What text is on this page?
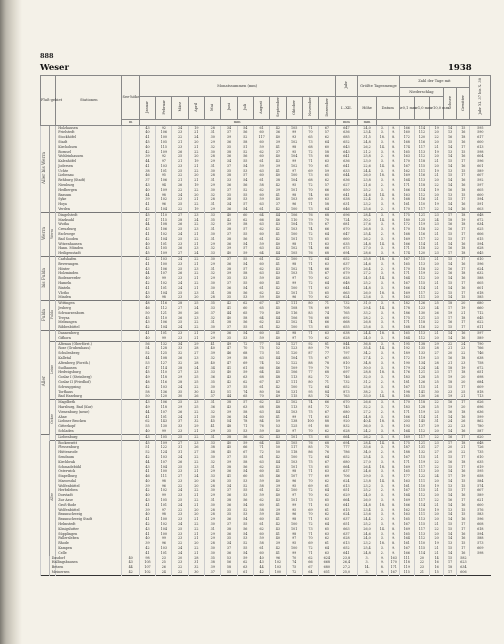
888
Weser	1938
Fluß-gebiet		Stationen	See-höhe	Monatssummen (mm)												Jahr	Größte Tagesmenge			Zahl der Tage mit					Jahr XI. 37 bis X. 38
																				Niederschlag			Schnee	Gewitter	
				Januar	Februar	März	April	Mai	Juni	Juli	August	September	Oktober	November	Dezember		Höhe	Datum		≥0,1 mm	≥1,0 mm	≥10,0 mm			
																I.–XII.									
			m	mm												mm	mm								
Aller bis Werra		Holzhausen		43	92	24	19	28	34	54	61	42	105	71	67	647	24,0	3.	9.	166	114	19	14	15	595
		Frielstedt		40	106	23	21	31	37	56	60	36	99	70	57	636	23,4	3.	9.	160	112	20	13	16	590
		Stockhöfel		41	100	22	24	30	39	52	117	40	93	65	62	685	31,5	18.	8.	172	120	22	16	18	617
		Stadt		45	105	21	20	29	36	58	60	39	102	73	64	652	24,8	3.	9.	168	116	20	15	16	600
		Kirchohsen		40	115	23	21	32	35	51	59	41	98	68	60	643	26,2	14.	8.	174	117	21	14	17	613
		Bornsel		42	109	26	22	30	38	52	62	37	95	72	58	643	21,2	3.	9.	165	113	19	13	15	598
		Wohlrinhausen		39	92	25	20	28	36	56	60	40	104	75	66	641	25,8	2.	9.	163	112	20	14	16	604
		Kalenhöfel		44	97	21	19	29	34	55	61	43	99	71	63	636	23,0	3.	9.	170	118	21	15	17	596
		Jodersen		41	103	23	21	31	37	54	59	39	102	70	61	641	22,6	14.	8.	167	115	20	14	16	601
		Uchte		38	101	25	22	30	35	53	63	41	97	69	59	633	24,4	3.	9.	162	111	19	13	15	589
		Liebenau		46	95	22	20	28	38	57	60	40	100	73	65	644	26,0	18.	8.	169	116	21	15	17	607
		Rehburg (Stadt)		37	106	21	21	31	33	54	61	38	104	68	62	636	23,8	3.	9.	164	113	20	14	16	592
		Nienburg		43	94	26	19	29	36	56	58	42	95	72	57	627	21,6	2.	9.	171	118	22	14	16	597
		Hedbergen		40	109	22	22	30	37	52	62	39	101	70	66	650	25,2	3.	9.	166	114	19	16	18	605
		Bassum		44	98	24	20	32	35	55	60	41	98	74	60	641	24,6	14.	8.	163	112	20	13	15	600
		Syke		39	102	23	21	28	38	53	59	40	103	69	63	638	22,4	3.	9.	168	116	21	15	17	594
		Hoya		41	96	25	22	31	34	57	63	37	96	71	58	631	23,2	3.	9.	161	110	19	14	16	591
		Verden		42	104	22	19	29	36	54	61	42	100	73	64	646	25,6	2.	9.	170	117	22	14	16	603
Werra	Werra	Dingelstedt		45	110	27	23	33	40	60	64	44	106	76	68	696	28,4	3.	9.	175	121	23	17	18	648
		Marksuhl		47	115	28	24	35	42	62	66	46	110	79	70	724	30,2	14.	8.	180	125	24	18	19	672
		Wutha		44	108	26	22	32	39	58	63	43	104	75	67	681	27,6	3.	9.	172	119	23	16	18	634
		Creuzburg		43	106	25	23	31	38	57	62	42	103	74	66	670	26,8	3.	9.	170	118	22	16	17	625
		Eschwege		41	102	24	21	30	37	55	60	41	100	72	64	647	25,4	2.	9.	168	116	21	15	17	606
		Bad Sooden		42	104	25	22	31	38	56	61	42	101	73	65	660	26,2	3.	9.	169	117	22	15	17	615
		Witzenhausen		40	101	23	21	29	36	54	59	40	98	71	63	635	24,8	14.	8.	166	114	21	14	16	594
		Hann. Münden		43	105	26	23	32	39	57	63	43	102	74	66	673	27,0	3.	9.	171	118	22	16	18	628
		Heiligenstadt		45	109	27	24	33	40	59	64	44	105	76	68	694	28,6	3.	9.	174	120	23	17	18	645
bis Fulda		Carlshafen		42	103	24	22	30	37	55	61	42	100	72	64	652	25,8	18.	8.	167	115	21	15	17	610
		Beverungen		41	100	23	21	29	36	54	60	41	98	71	63	637	24,6	3.	9.	165	113	20	14	16	596
		Höxter		43	106	25	23	31	38	57	62	43	102	74	66	670	26,4	2.	9.	170	118	22	16	17	624
		Holzminden		44	107	26	22	32	39	58	63	43	103	75	67	679	27,2	3.	9.	171	119	22	16	18	632
		Bodenwerder		40	99	23	21	29	35	53	59	40	97	70	62	628	24,0	14.	8.	164	112	20	14	16	588
		Hameln		42	102	24	22	30	37	55	60	41	99	72	64	648	25,2	3.	9.	167	115	21	15	17	605
		Rinteln		41	101	24	21	30	36	54	61	42	100	71	63	644	24,8	3.	9.	166	114	21	14	16	601
		Vlotho		43	104	25	23	31	38	56	62	42	101	73	65	663	26,0	18.	8.	169	117	22	15	17	618
		Minden		40	98	23	20	28	35	53	59	40	96	70	62	624	23,6	3.	9.	163	111	20	14	15	585
Fulda	Fulda	Wittingen		48	116	28	25	35	42	62	67	47	111	80	71	732	31,0	3.	9.	182	126	25	18	20	680
		Jesberg		46	112	27	24	33	41	60	65	45	108	78	69	708	29,4	14.	8.	178	123	24	17	19	660
		Schwarzenborn		50	121	30	26	37	44	65	70	49	116	83	74	765	33,2	3.	9.	186	130	26	19	21	712
		Treysa		45	110	26	23	32	40	58	64	44	106	76	68	692	28,2	2.	9.	175	121	23	17	18	645
		Melsungen		43	106	25	22	31	38	56	62	43	102	74	66	668	26,8	3.	9.	171	118	22	16	17	622
		Ribbesbüttel		42	104	24	22	30	37	55	61	42	100	73	65	655	25,6	3.	9.	168	116	22	15	17	611
Aller		Dannenberg		41	101	23	21	29	36	54	60	41	98	71	63	638	24,4	18.	8.	165	113	21	14	16	597
		Gifhorn		40	99	23	21	29	35	53	59	40	97	70	62	628	24,0	3.	9.	164	112	20	14	16	589
	Leine	Altenau (Oberförst.)		56	132	34	29	41	49	72	77	54	127	92	81	844	36,8	3.	9.	195	138	29	22	24	790
		Rose (Grubenhaus)		54	128	33	28	40	47	70	75	52	123	89	79	818	35,4	14.	8.	192	135	28	21	23	766
		Schulenberg		52	125	32	27	39	46	68	73	51	120	87	77	797	34,2	3.	9.	189	133	27	20	22	746
		Kalletal		44	108	26	23	32	39	58	63	44	104	75	67	683	27,4	2.	9.	172	119	23	16	18	638
		Altenberg (Forsth.)		53	127	32	28	40	47	69	74	52	122	88	78	810	34,8	3.	9.	190	134	28	21	23	758
		Sudhausen		47	114	28	24	34	41	61	66	46	109	79	70	719	30,0	3.	9.	179	124	24	18	19	672
		Hedwigsburg		45	110	27	23	33	40	59	64	45	106	77	68	697	28,8	18.	8.	176	121	23	17	18	651
		Goslar I (Steinberg)		49	118	29	25	36	43	63	68	48	113	82	72	746	32,0	3.	9.	183	128	25	19	20	698
		Goslar II (Friedhof)		48	116	28	25	35	42	62	67	47	111	80	71	732	31,2	2.	9.	181	126	25	18	20	684
		Schwuppsing		42	103	24	22	30	37	55	61	42	100	72	64	652	25,6	3.	9.	167	115	21	15	17	609
		Torfhaus		58	136	35	30	43	51	74	80	56	131	95	84	873	38,2	3.	9.	198	141	30	23	25	818
		Bad Harzburg		50	120	30	26	37	44	65	70	49	115	83	74	763	33,0	14.	8.	185	130	26	19	21	713
	Ocker	Magdbeth		43	106	25	23	31	38	57	62	43	102	74	66	670	26,6	3.	9.	170	118	22	16	17	626
		Harzburg, Bad (Kur)		49	118	29	25	36	43	63	68	48	113	81	72	745	32,2	3.	9.	183	128	25	19	20	696
		Vienenburg (neue)		44	107	26	22	32	39	58	63	44	103	75	67	680	27,2	2.	9.	171	119	23	16	18	636
		Ahne		41	101	24	21	30	36	54	60	41	99	71	63	641	24,8	3.	9.	166	114	21	14	16	599
		Liebner Brocken		62	143	37	32	45	54	78	84	59	138	100	88	920	40,4	18.	8.	203	145	31	24	26	862
		Gitterkopf		55	130	33	29	41	48	71	76	53	125	91	80	832	36,0	3.	9.	193	137	29	22	23	780
		Schladen		40	99	23	21	29	35	53	59	40	97	70	62	628	24,2	3.	9.	164	112	20	14	16	587
		Liebenburg		43	105	25	22	31	38	56	62	43	101	73	65	664	26,2	3.	9.	169	117	22	16	17	620
	Aller	Bockenwitt		45	109	27	23	33	40	59	64	45	105	76	68	694	28,4	14.	8.	175	121	23	17	18	648
		Plessenburg		51	122	31	26	38	45	66	71	50	117	85	75	777	33,6	3.	9.	187	131	27	20	21	726
		Hüttenrode		52	124	31	27	38	45	67	72	50	118	86	76	786	34,0	2.	9.	188	132	27	20	22	735
		Sendnum		42	103	24	22	30	37	55	61	42	100	72	64	652	25,4	3.	9.	167	115	21	15	17	610
		Kirchbrak		44	107	26	22	32	39	58	63	44	103	75	67	680	27,0	3.	9.	171	119	22	16	18	635
		Schmadebühl		43	104	25	23	31	38	56	62	43	101	73	65	664	26,4	18.	8.	169	117	22	15	17	619
		Osterwick		41	100	23	21	29	36	54	60	41	98	71	63	637	24,6	3.	9.	165	113	20	14	16	595
		Stapelburg		46	111	27	24	33	41	60	65	46	107	77	69	706	29,0	3.	9.	177	122	24	17	19	658
		Maroesdal		40	98	23	20	28	35	53	59	40	96	70	62	624	23,8	14.	8.	163	111	20	14	15	584
		Wolfenbüttel		39	96	22	20	28	34	52	58	39	95	69	61	613	23,2	3.	9.	161	110	19	13	15	574
		Herbsleben		42	102	24	22	30	37	55	61	42	100	72	64	651	25,2	2.	9.	167	115	21	15	17	607
		Dorstadt		40	99	23	21	29	36	53	59	40	97	70	62	629	24,0	3.	9.	164	112	20	14	16	589
		Zur Asse		43	105	25	22	31	38	56	62	43	101	73	65	664	26,0	3.	9.	169	117	22	16	17	621
		Groß-Rode		41	101	24	21	30	36	54	60	41	99	71	63	641	24,8	18.	8.	166	114	21	14	16	600
		Wolfenbüttel		39	97	22	20	28	35	52	58	39	95	69	61	615	23,4	3.	9.	162	110	19	13	15	576
		Braunschweig		40	98	23	20	28	35	53	59	40	96	70	62	624	23,6	3.	9.	163	111	20	14	15	583
		Braunschweig Stadt		41	100	23	21	29	36	54	60	41	98	71	63	637	24,4	2.	9.	165	113	20	14	16	596
		Helmstedt		42	102	24	22	30	37	55	61	42	100	72	64	651	25,2	3.	9.	167	115	21	15	17	608
		Königslutter		43	104	25	22	31	38	56	62	43	101	73	65	663	26,0	14.	8.	169	117	22	15	17	618
		Süpplingen		41	100	23	21	29	36	54	60	41	98	71	63	637	24,6	3.	9.	165	113	20	14	16	594
		Fallersleben		40	99	23	21	29	35	53	59	40	97	70	62	628	24,0	3.	9.	164	112	20	14	16	588
		Rhode		39	96	22	20	28	34	52	58	39	95	69	61	613	23,2	18.	8.	161	110	19	13	15	573
		Kampen		42	103	24	22	30	37	55	61	42	100	72	64	652	25,4	3.	9.	167	115	21	15	17	609
		Celle		41	101	24	21	30	36	54	60	41	99	71	63	641	24,8	2.	9.	166	114	21	14	16	598
	Dasdorf		40	98	23	20	28	35	53	59	40	96	70	62	624	23,8	3.	9.	163	111	20	14	15	582	
	Hallingsbausen		43	105	25	23	31	38	56	62	43	102	74	66	668	26,4	3.	9.	170	118	22	16	17	623	
	Betzen		44	107	26	22	32	39	58	63	44	103	75	67	680	27,2	14.	8.	171	119	23	16	18	634	
	Meinersen		42	102	24	22	30	37	55	61	42	100	72	64	651	25,0	3.	9.	167	115	21	15	17	606	
